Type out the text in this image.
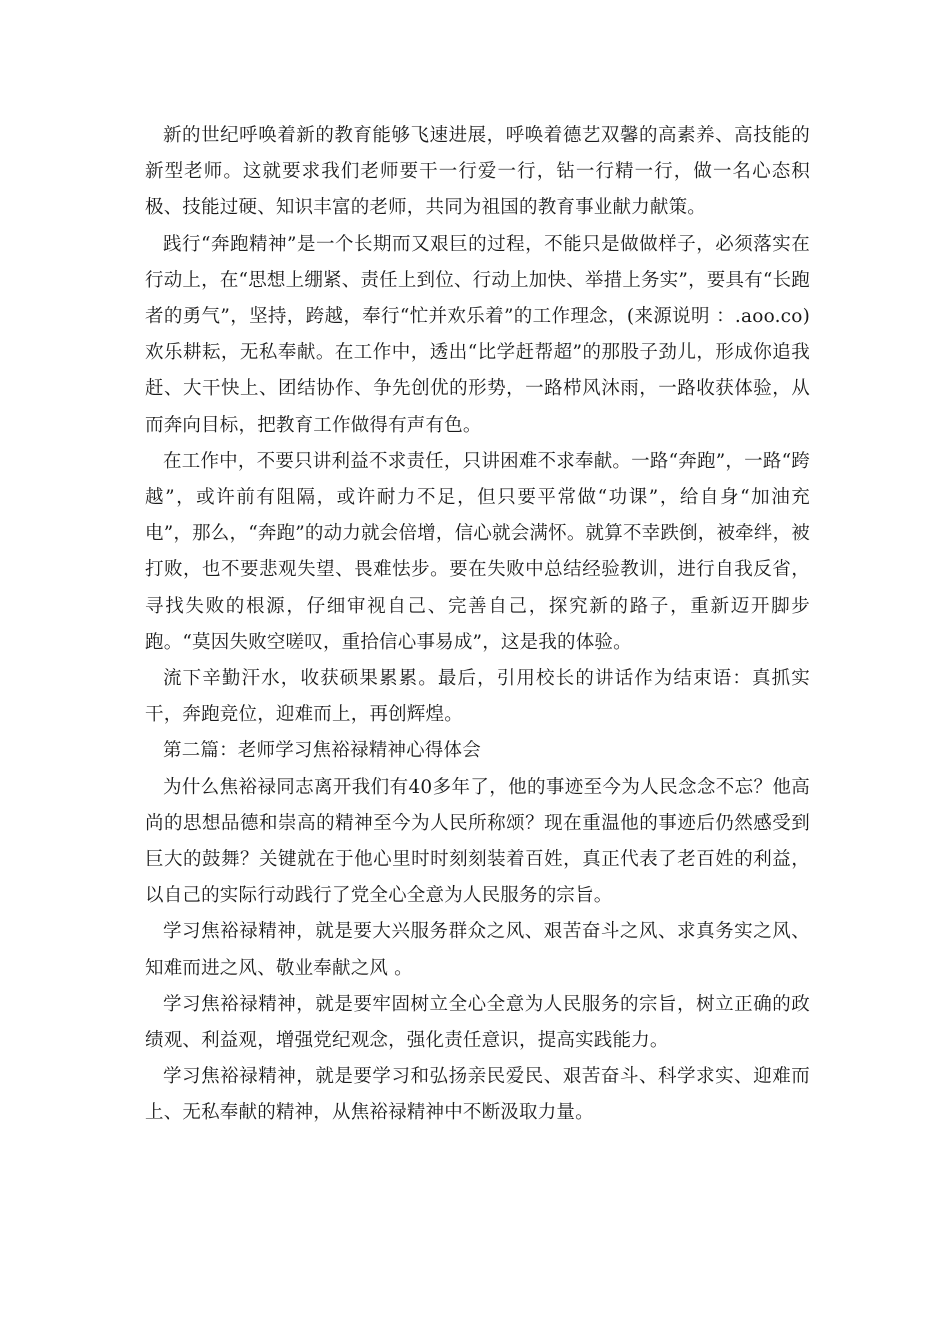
新的世纪呼唤着新的教育能够飞速进展，呼唤着德艺双馨的高素养、高技能的新型老师。这就要求我们老师要干一行爱一行，钻一行精一行，做一名心态积极、技能过硬、知识丰富的老师，共同为祖国的教育事业献力献策。

践行“奔跑精神”是一个长期而又艰巨的过程，不能只是做做样子，必须落实在行动上，在“思想上绷紧、责任上到位、行动上加快、举措上务实”，要具有“长跑者的勇气”，坚持，跨越，奉行“忙并欢乐着”的工作理念，(来源说明 ：.aoo.co)欢乐耕耘，无私奉献。在工作中，透出“比学赶帮超”的那股子劲儿，形成你追我赶、大干快上、团结协作、争先创优的形势，一路栉风沐雨，一路收获体验，从而奔向目标，把教育工作做得有声有色。

在工作中，不要只讲利益不求责任，只讲困难不求奉献。一路“奔跑”，一路“跨越”，或许前有阻隔，或许耐力不足，但只要平常做“功课”，给自身“加油充电”，那么，“奔跑”的动力就会倍增，信心就会满怀。就算不幸跌倒，被牵绊，被打败，也不要悲观失望、畏难怯步。要在失败中总结经验教训，进行自我反省，寻找失败的根源，仔细审视自己、完善自己，探究新的路子，重新迈开脚步跑。“莫因失败空嗟叹，重拾信心事易成”，这是我的体验。

流下辛勤汗水，收获硕果累累。最后，引用校长的讲话作为结束语：真抓实干，奔跑竞位，迎难而上，再创辉煌。

第二篇：老师学习焦裕禄精神心得体会

为什么焦裕禄同志离开我们有40多年了，他的事迹至今为人民念念不忘？他高尚的思想品德和崇高的精神至今为人民所称颂？现在重温他的事迹后仍然感受到巨大的鼓舞？关键就在于他心里时时刻刻装着百姓，真正代表了老百姓的利益，以自己的实际行动践行了党全心全意为人民服务的宗旨。

学习焦裕禄精神，就是要大兴服务群众之风、艰苦奋斗之风、求真务实之风、知难而进之风、敬业奉献之风 。

学习焦裕禄精神，就是要牢固树立全心全意为人民服务的宗旨，树立正确的政绩观、利益观，增强党纪观念，强化责任意识，提高实践能力。

学习焦裕禄精神，就是要学习和弘扬亲民爱民、艰苦奋斗、科学求实、迎难而上、无私奉献的精神，从焦裕禄精神中不断汲取力量。
